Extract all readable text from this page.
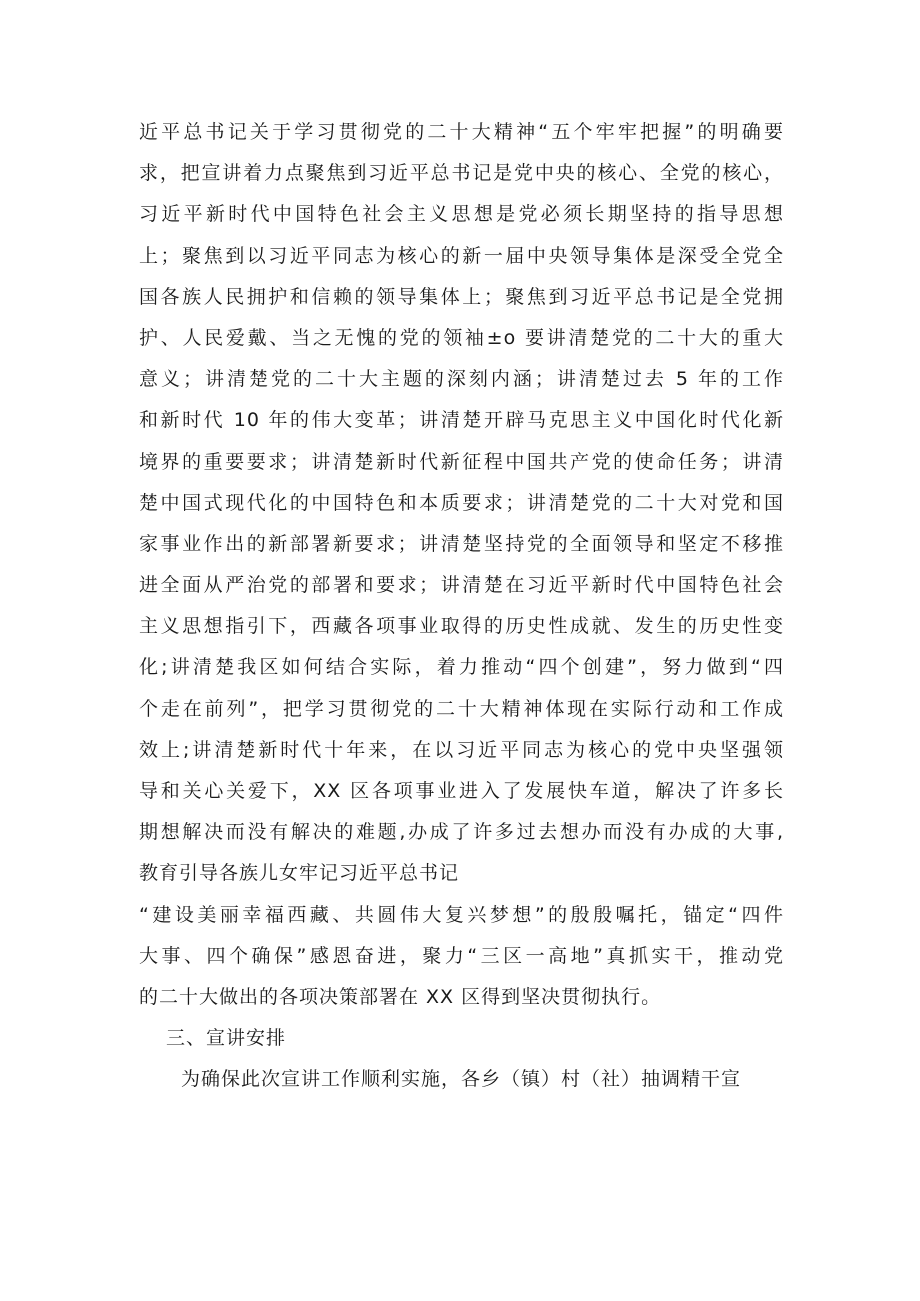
近平总书记关于学习贯彻党的二十大精神“五个牢牢把握”的明确要
求，把宣讲着力点聚焦到习近平总书记是党中央的核心、全党的核心，
习近平新时代中国特色社会主义思想是党必须长期坚持的指导思想
上；聚焦到以习近平同志为核心的新一届中央领导集体是深受全党全
国各族人民拥护和信赖的领导集体上；聚焦到习近平总书记是全党拥
护、人民爱戴、当之无愧的党的领袖±o 要讲清楚党的二十大的重大
意义；讲清楚党的二十大主题的深刻内涵；讲清楚过去 5 年的工作
和新时代 10 年的伟大变革；讲清楚开辟马克思主义中国化时代化新
境界的重要要求；讲清楚新时代新征程中国共产党的使命任务；讲清
楚中国式现代化的中国特色和本质要求；讲清楚党的二十大对党和国
家事业作出的新部署新要求；讲清楚坚持党的全面领导和坚定不移推
进全面从严治党的部署和要求；讲清楚在习近平新时代中国特色社会
主义思想指引下，西藏各项事业取得的历史性成就、发生的历史性变
化;讲清楚我区如何结合实际，着力推动“四个创建”，努力做到“四
个走在前列”，把学习贯彻党的二十大精神体现在实际行动和工作成
效上;讲清楚新时代十年来，在以习近平同志为核心的党中央坚强领
导和关心关爱下，XX 区各项事业进入了发展快车道，解决了许多长
期想解决而没有解决的难题,办成了许多过去想办而没有办成的大事,
教育引导各族儿女牢记习近平总书记
“建设美丽幸福西藏、共圆伟大复兴梦想”的殷殷嘱托，锚定“四件
大事、四个确保”感恩奋进，聚力“三区一高地”真抓实干，推动党
的二十大做出的各项决策部署在 XX 区得到坚决贯彻执行。
三、宣讲安排
为确保此次宣讲工作顺利实施，各乡（镇）村（社）抽调精干宣
